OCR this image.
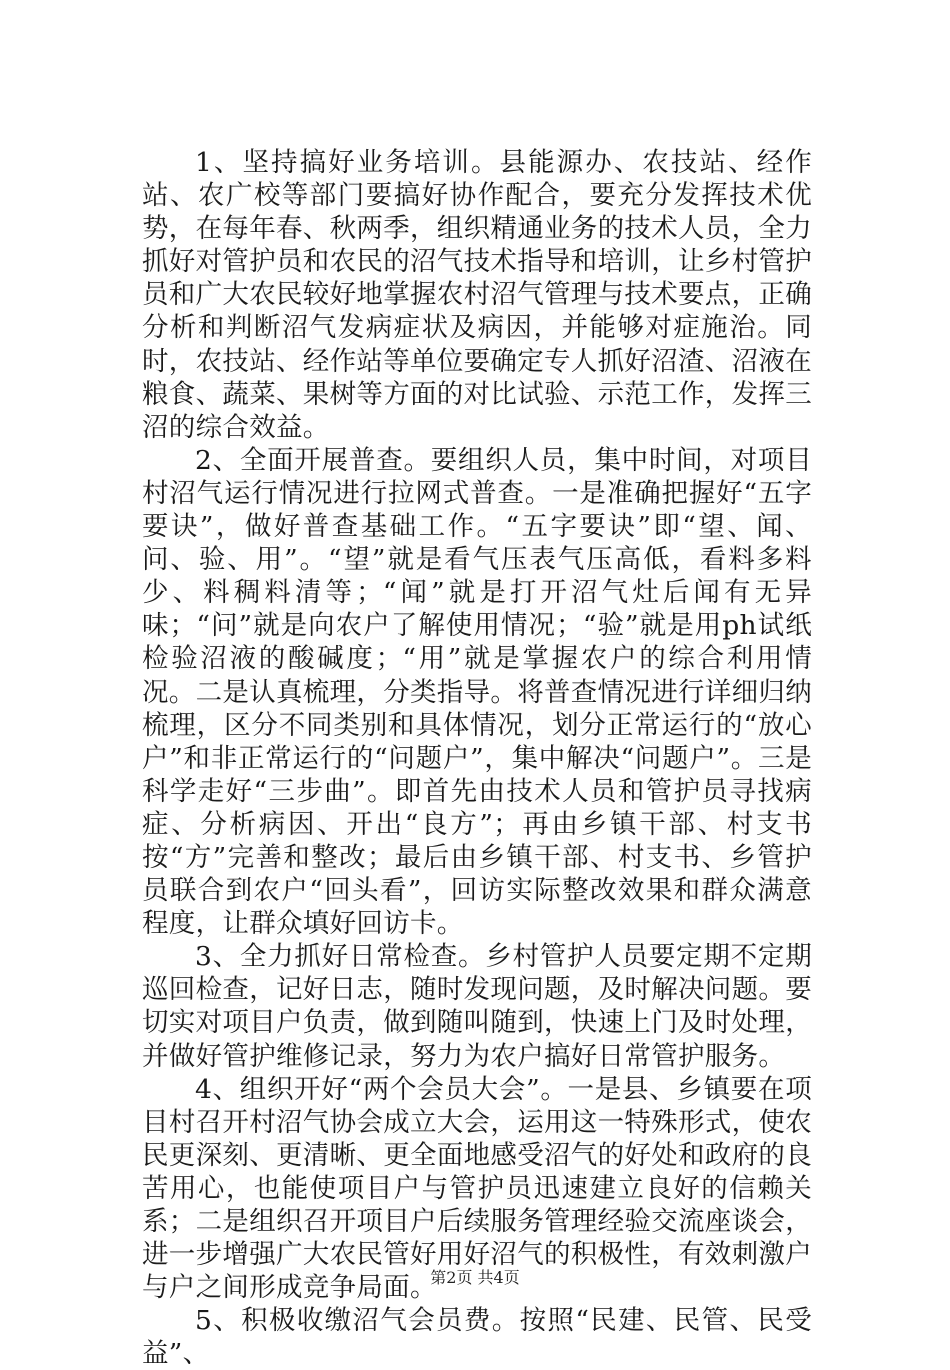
1、坚持搞好业务培训。县能源办、农技站、经作站、农广校等部门要搞好协作配合，要充分发挥技术优势，在每年春、秋两季，组织精通业务的技术人员，全力抓好对管护员和农民的沼气技术指导和培训，让乡村管护员和广大农民较好地掌握农村沼气管理与技术要点，正确分析和判断沼气发病症状及病因，并能够对症施治。同时，农技站、经作站等单位要确定专人抓好沼渣、沼液在粮食、蔬菜、果树等方面的对比试验、示范工作，发挥三沼的综合效益。

2、全面开展普查。要组织人员，集中时间，对项目村沼气运行情况进行拉网式普查。一是准确把握好“五字要诀”，做好普查基础工作。“五字要诀”即“望、闻、问、验、用”。“望”就是看气压表气压高低，看料多料少、料稠料清等；“闻”就是打开沼气灶后闻有无异味；“问”就是向农户了解使用情况；“验”就是用ph试纸检验沼液的酸碱度；“用”就是掌握农户的综合利用情况。二是认真梳理，分类指导。将普查情况进行详细归纳梳理，区分不同类别和具体情况，划分正常运行的“放心户”和非正常运行的“问题户”，集中解决“问题户”。三是科学走好“三步曲”。即首先由技术人员和管护员寻找病症、分析病因、开出“良方”；再由乡镇干部、村支书按“方”完善和整改；最后由乡镇干部、村支书、乡管护员联合到农户“回头看”，回访实际整改效果和群众满意程度，让群众填好回访卡。

3、全力抓好日常检查。乡村管护人员要定期不定期巡回检查，记好日志，随时发现问题，及时解决问题。要切实对项目户负责，做到随叫随到，快速上门及时处理，并做好管护维修记录，努力为农户搞好日常管护服务。

4、组织开好“两个会员大会”。一是县、乡镇要在项目村召开村沼气协会成立大会，运用这一特殊形式，使农民更深刻、更清晰、更全面地感受沼气的好处和政府的良苦用心，也能使项目户与管护员迅速建立良好的信赖关系；二是组织召开项目户后续服务管理经验交流座谈会，进一步增强广大农民管好用好沼气的积极性，有效刺激户与户之间形成竞争局面。

5、积极收缴沼气会员费。按照“民建、民管、民受益”、

第2页 共4页
